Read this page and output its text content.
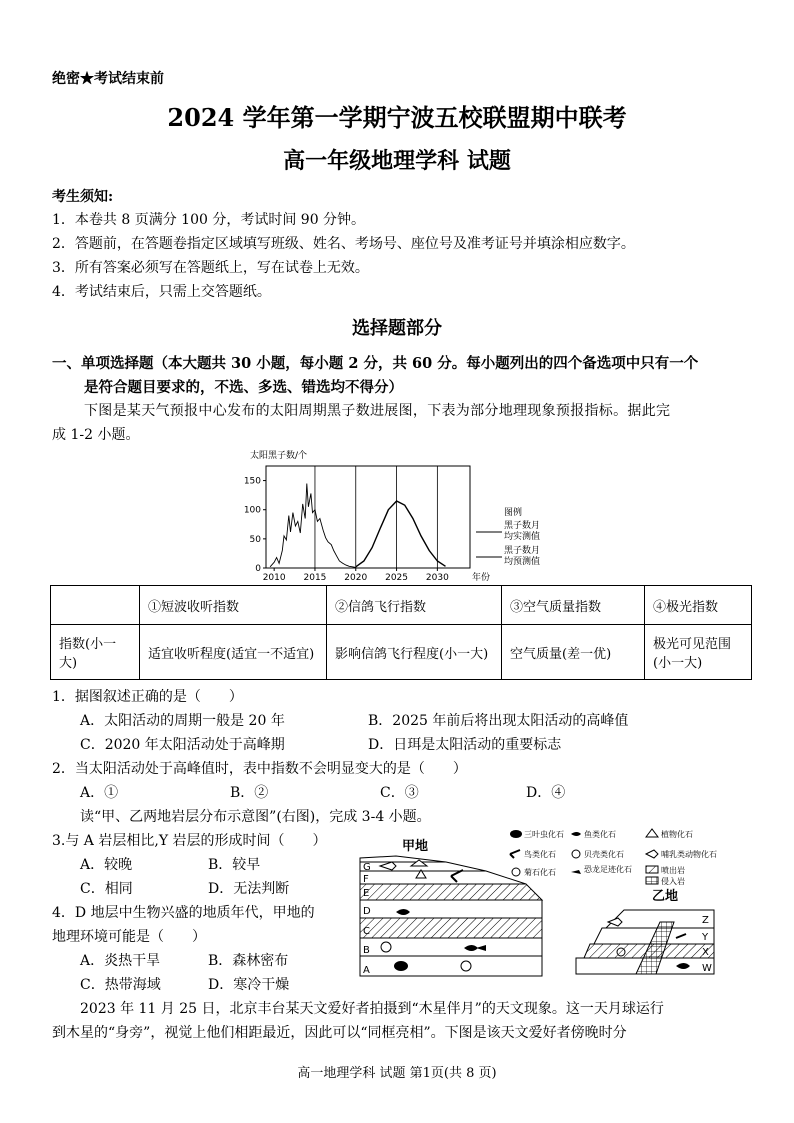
绝密★考试结束前
2024 学年第一学期宁波五校联盟期中联考
高一年级地理学科 试题
考生须知:
1．本卷共 8 页满分 100 分，考试时间 90 分钟。
2．答题前，在答题卷指定区域填写班级、姓名、考场号、座位号及准考证号并填涂相应数字。
3．所有答案必须写在答题纸上，写在试卷上无效。
4．考试结束后，只需上交答题纸。
选择题部分
一、单项选择题（本大题共 30 小题，每小题 2 分，共 60 分。每小题列出的四个备选项中只有一个
是符合题目要求的，不选、多选、错选均不得分）
下图是某天气预报中心发布的太阳周期黑子数进展图，下表为部分地理现象预报指标。据此完
成 1-2 小题。
太阳黑子数/个
0
50
100
150
2010 2015 2020 2025 2030	年份
图例
黑子数月
均实测值
黑子数月
均预测值
	①短波收听指数	②信鸽飞行指数	③空气质量指数	④极光指数
指数(小一大)	适宜收听程度(适宜一不适宜)	影响信鸽飞行程度(小一大)	空气质量(差一优)	极光可见范围(小一大)
1．据图叙述正确的是（　　）
A．太阳活动的周期一般是 20 年	B．2025 年前后将出现太阳活动的高峰值
C．2020 年太阳活动处于高峰期	D．日珥是太阳活动的重要标志
2．当太阳活动处于高峰值时，表中指数不会明显变大的是（　　）
A．①	B．②	C．③	D．④
读“甲、乙两地岩层分布示意图”(右图)，完成 3-4 小题。
3.与 A 岩层相比,Y 岩层的形成时间（　　）
A．较晚	B．较早
C．相同	D．无法判断
4．D 地层中生物兴盛的地质年代，甲地的
地理环境可能是（　　）
A．炎热干旱	B．森林密布
C．热带海域	D．寒冷干燥
甲地
A
B
C
D
E
F
G
乙地
Z
Y
X
W
三叶虫化石	鱼类化石	植物化石
鸟类化石	贝壳类化石	哺乳类动物化石
菊石化石	恐龙足迹化石	喷出岩
侵入岩
2023 年 11 月 25 日，北京丰台某天文爱好者拍摄到“木星伴月”的天文现象。这一天月球运行
到木星的“身旁”，视觉上他们相距最近，因此可以“同框亮相”。下图是该天文爱好者傍晚时分
高一地理学科 试题 第1页(共 8 页)
